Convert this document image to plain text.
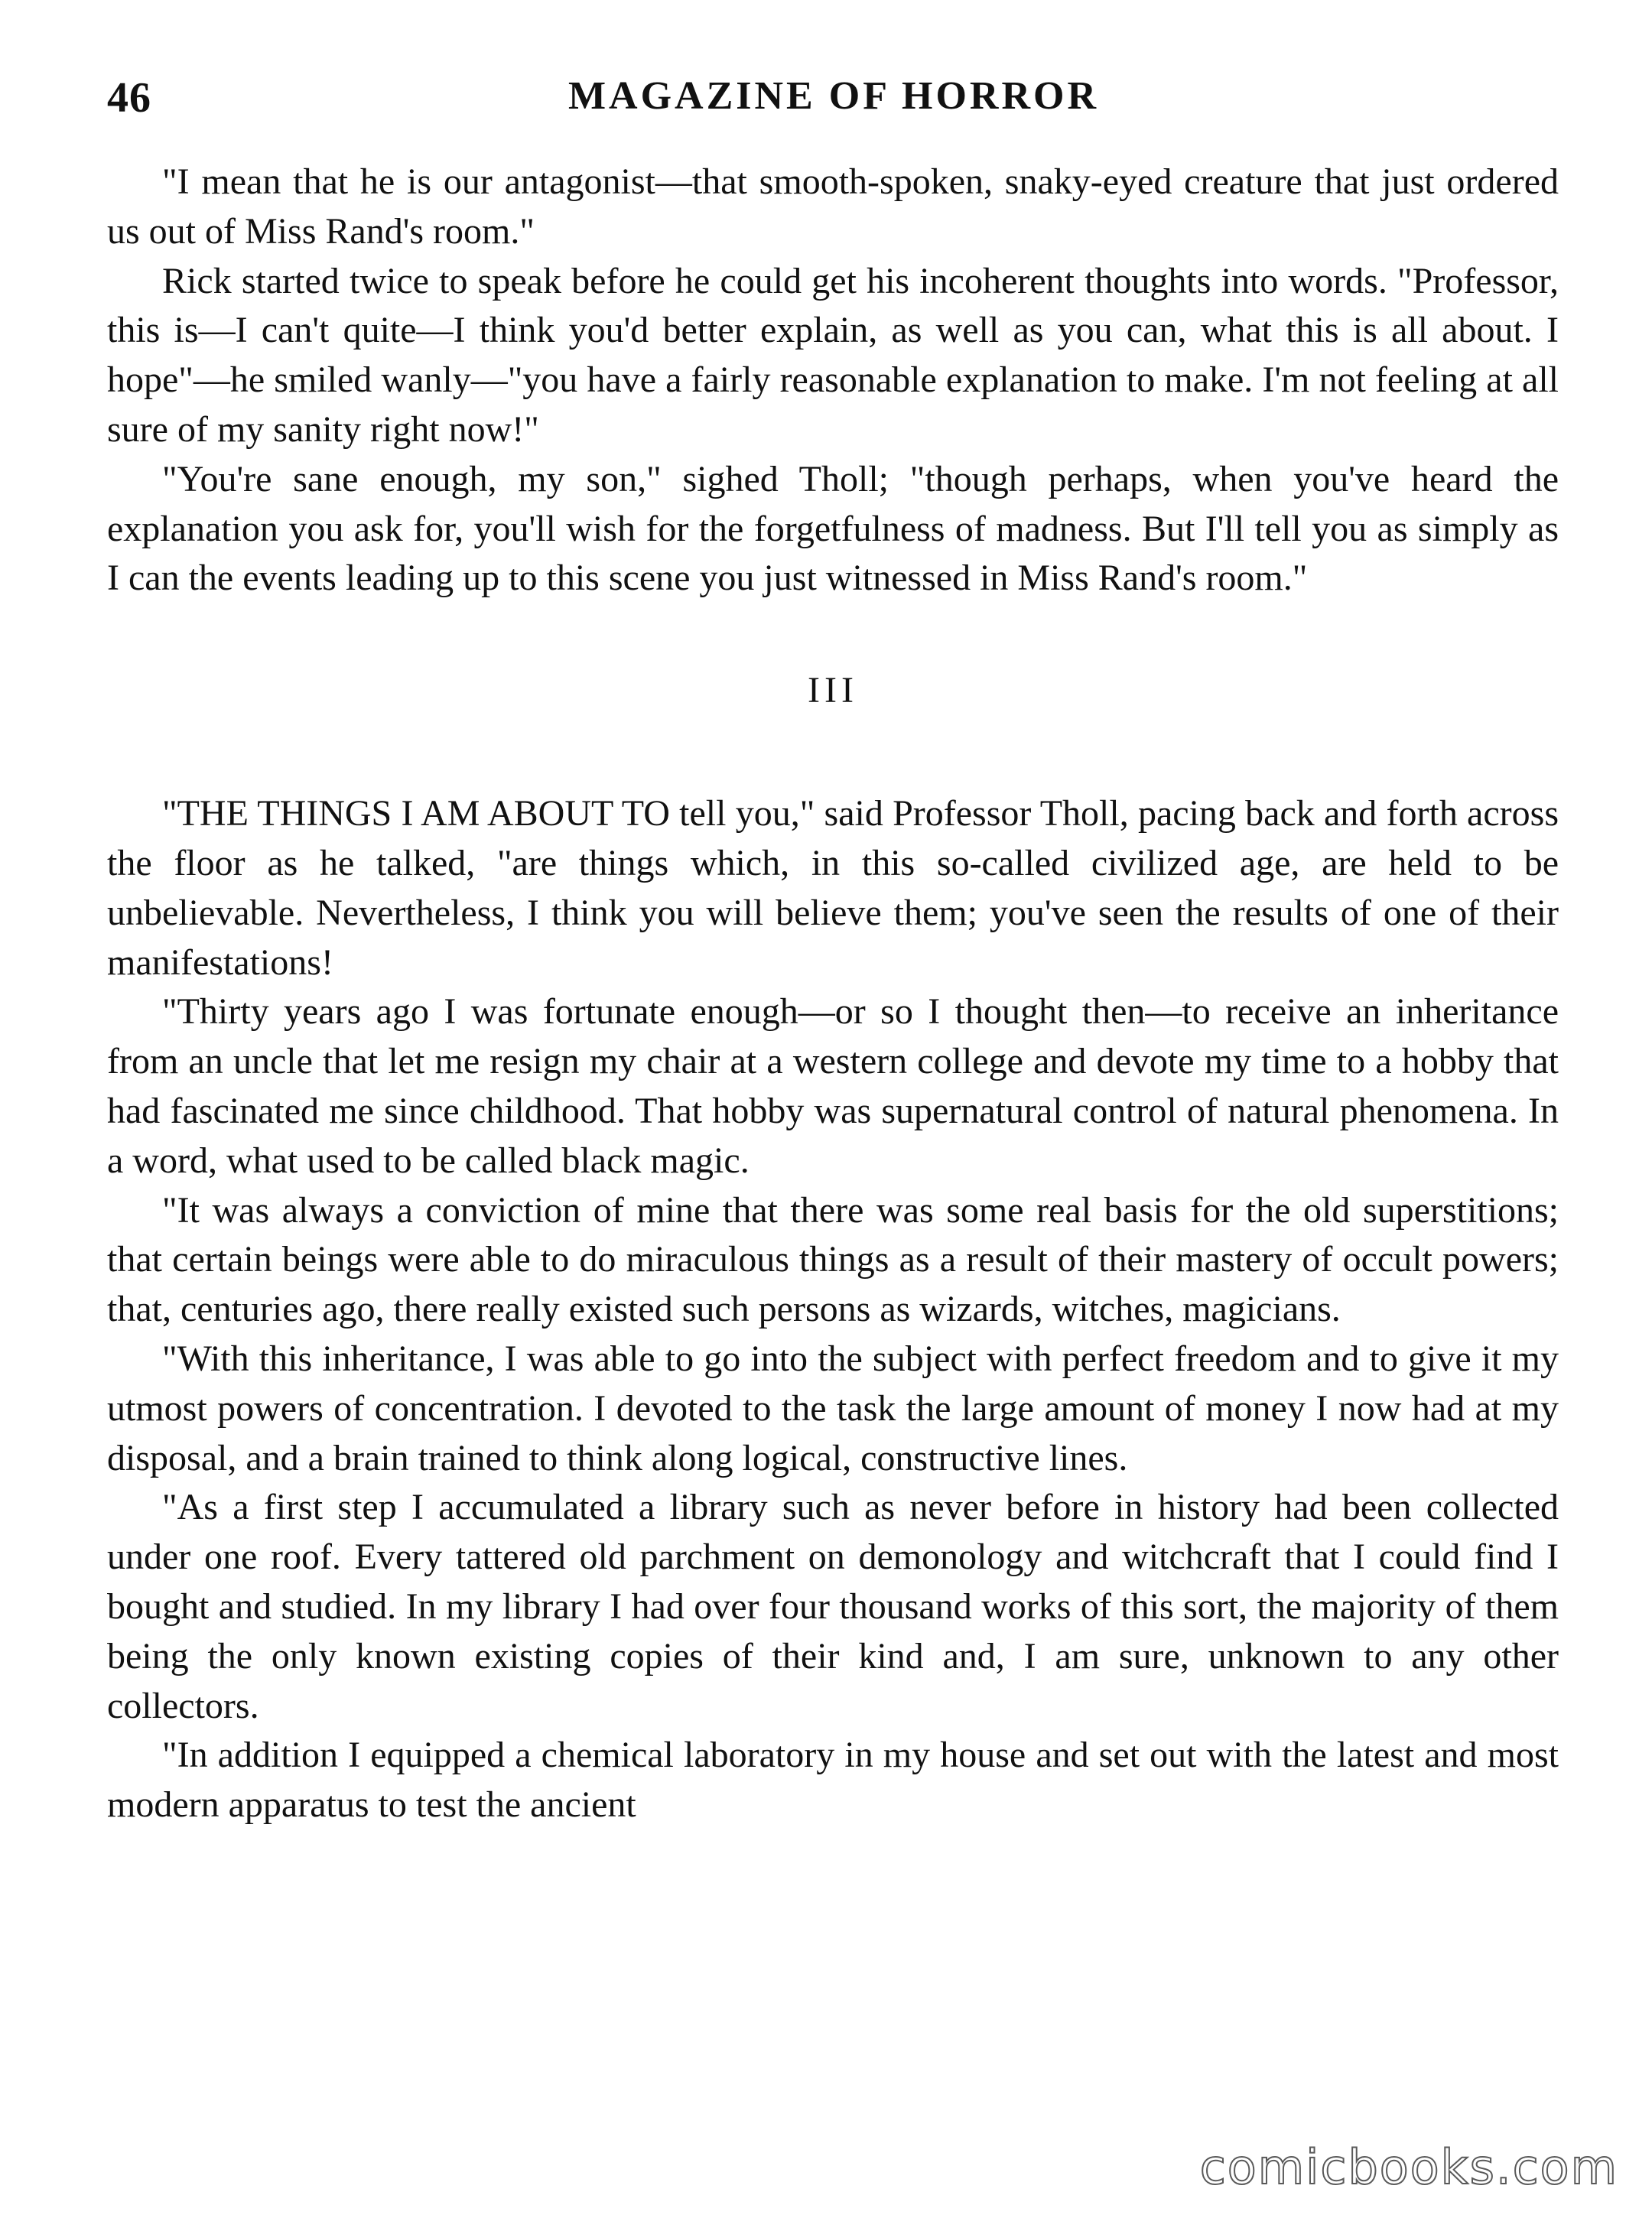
46	MAGAZINE OF HORROR

"I mean that he is our antagonist—that smooth-spoken, snaky-eyed creature that just ordered us out of Miss Rand's room."

Rick started twice to speak before he could get his incoherent thoughts into words. "Professor, this is—I can't quite—I think you'd better explain, as well as you can, what this is all about. I hope"—he smiled wanly—"you have a fairly reasonable explanation to make. I'm not feeling at all sure of my sanity right now!"

"You're sane enough, my son," sighed Tholl; "though perhaps, when you've heard the explanation you ask for, you'll wish for the forgetfulness of madness. But I'll tell you as simply as I can the events leading up to this scene you just witnessed in Miss Rand's room."

III

"THE THINGS I AM ABOUT TO tell you," said Professor Tholl, pacing back and forth across the floor as he talked, "are things which, in this so-called civilized age, are held to be unbelievable. Nevertheless, I think you will believe them; you've seen the results of one of their manifestations!

"Thirty years ago I was fortunate enough—or so I thought then—to receive an inheritance from an uncle that let me resign my chair at a western college and devote my time to a hobby that had fascinated me since childhood. That hobby was supernatural control of natural phenomena. In a word, what used to be called black magic.

"It was always a conviction of mine that there was some real basis for the old superstitions; that certain beings were able to do miraculous things as a result of their mastery of occult powers; that, centuries ago, there really existed such persons as wizards, witches, magicians.

"With this inheritance, I was able to go into the subject with perfect freedom and to give it my utmost powers of concentration. I devoted to the task the large amount of money I now had at my disposal, and a brain trained to think along logical, constructive lines.

"As a first step I accumulated a library such as never before in history had been collected under one roof. Every tattered old parchment on demonology and witchcraft that I could find I bought and studied. In my library I had over four thousand works of this sort, the majority of them being the only known existing copies of their kind and, I am sure, unknown to any other collectors.

"In addition I equipped a chemical laboratory in my house and set out with the latest and most modern apparatus to test the ancient

comicbooks.com
